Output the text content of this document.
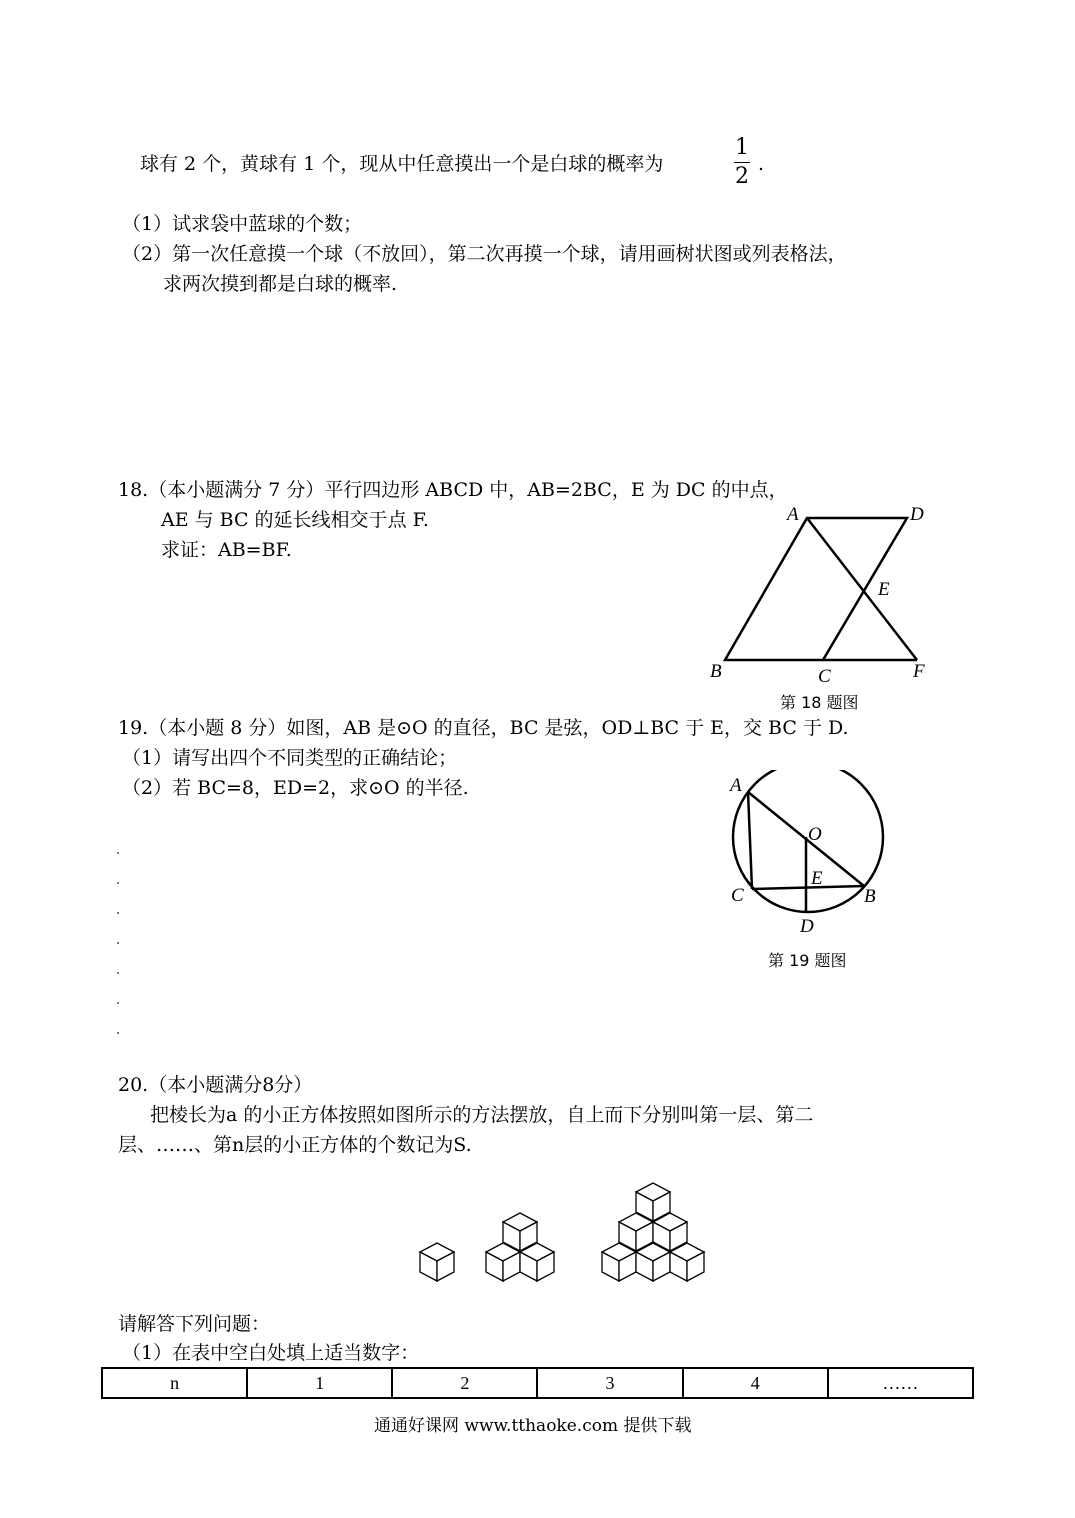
球有 2 个，黄球有 1 个，现从中任意摸出一个是白球的概率为
1
2 .
（1）试求袋中蓝球的个数；
（2）第一次任意摸一个球（不放回），第二次再摸一个球，请用画树状图或列表格法，
求两次摸到都是白球的概率.
18.（本小题满分 7 分）平行四边形 ABCD 中，AB=2BC，E 为 DC 的中点，
AE 与 BC 的延长线相交于点 F.
求证：AB=BF.
A	D
E
B	C	F
第 18 题图
19.（本小题 8 分）如图，AB 是⊙O 的直径，BC 是弦，OD⊥BC 于 E，交 BC 于 D.
（1）请写出四个不同类型的正确结论；
（2）若 BC=8，ED=2，求⊙O 的半径.	A
O
E
C	B
D
第 19 题图
20.（本小题满分8分）
把棱长为a 的小正方体按照如图所示的方法摆放，自上而下分别叫第一层、第二
层、……、第n层的小正方体的个数记为S.
请解答下列问题：
（1）在表中空白处填上适当数字：
n	1	2	3	4	……
通通好课网 www.tthaoke.com 提供下载
